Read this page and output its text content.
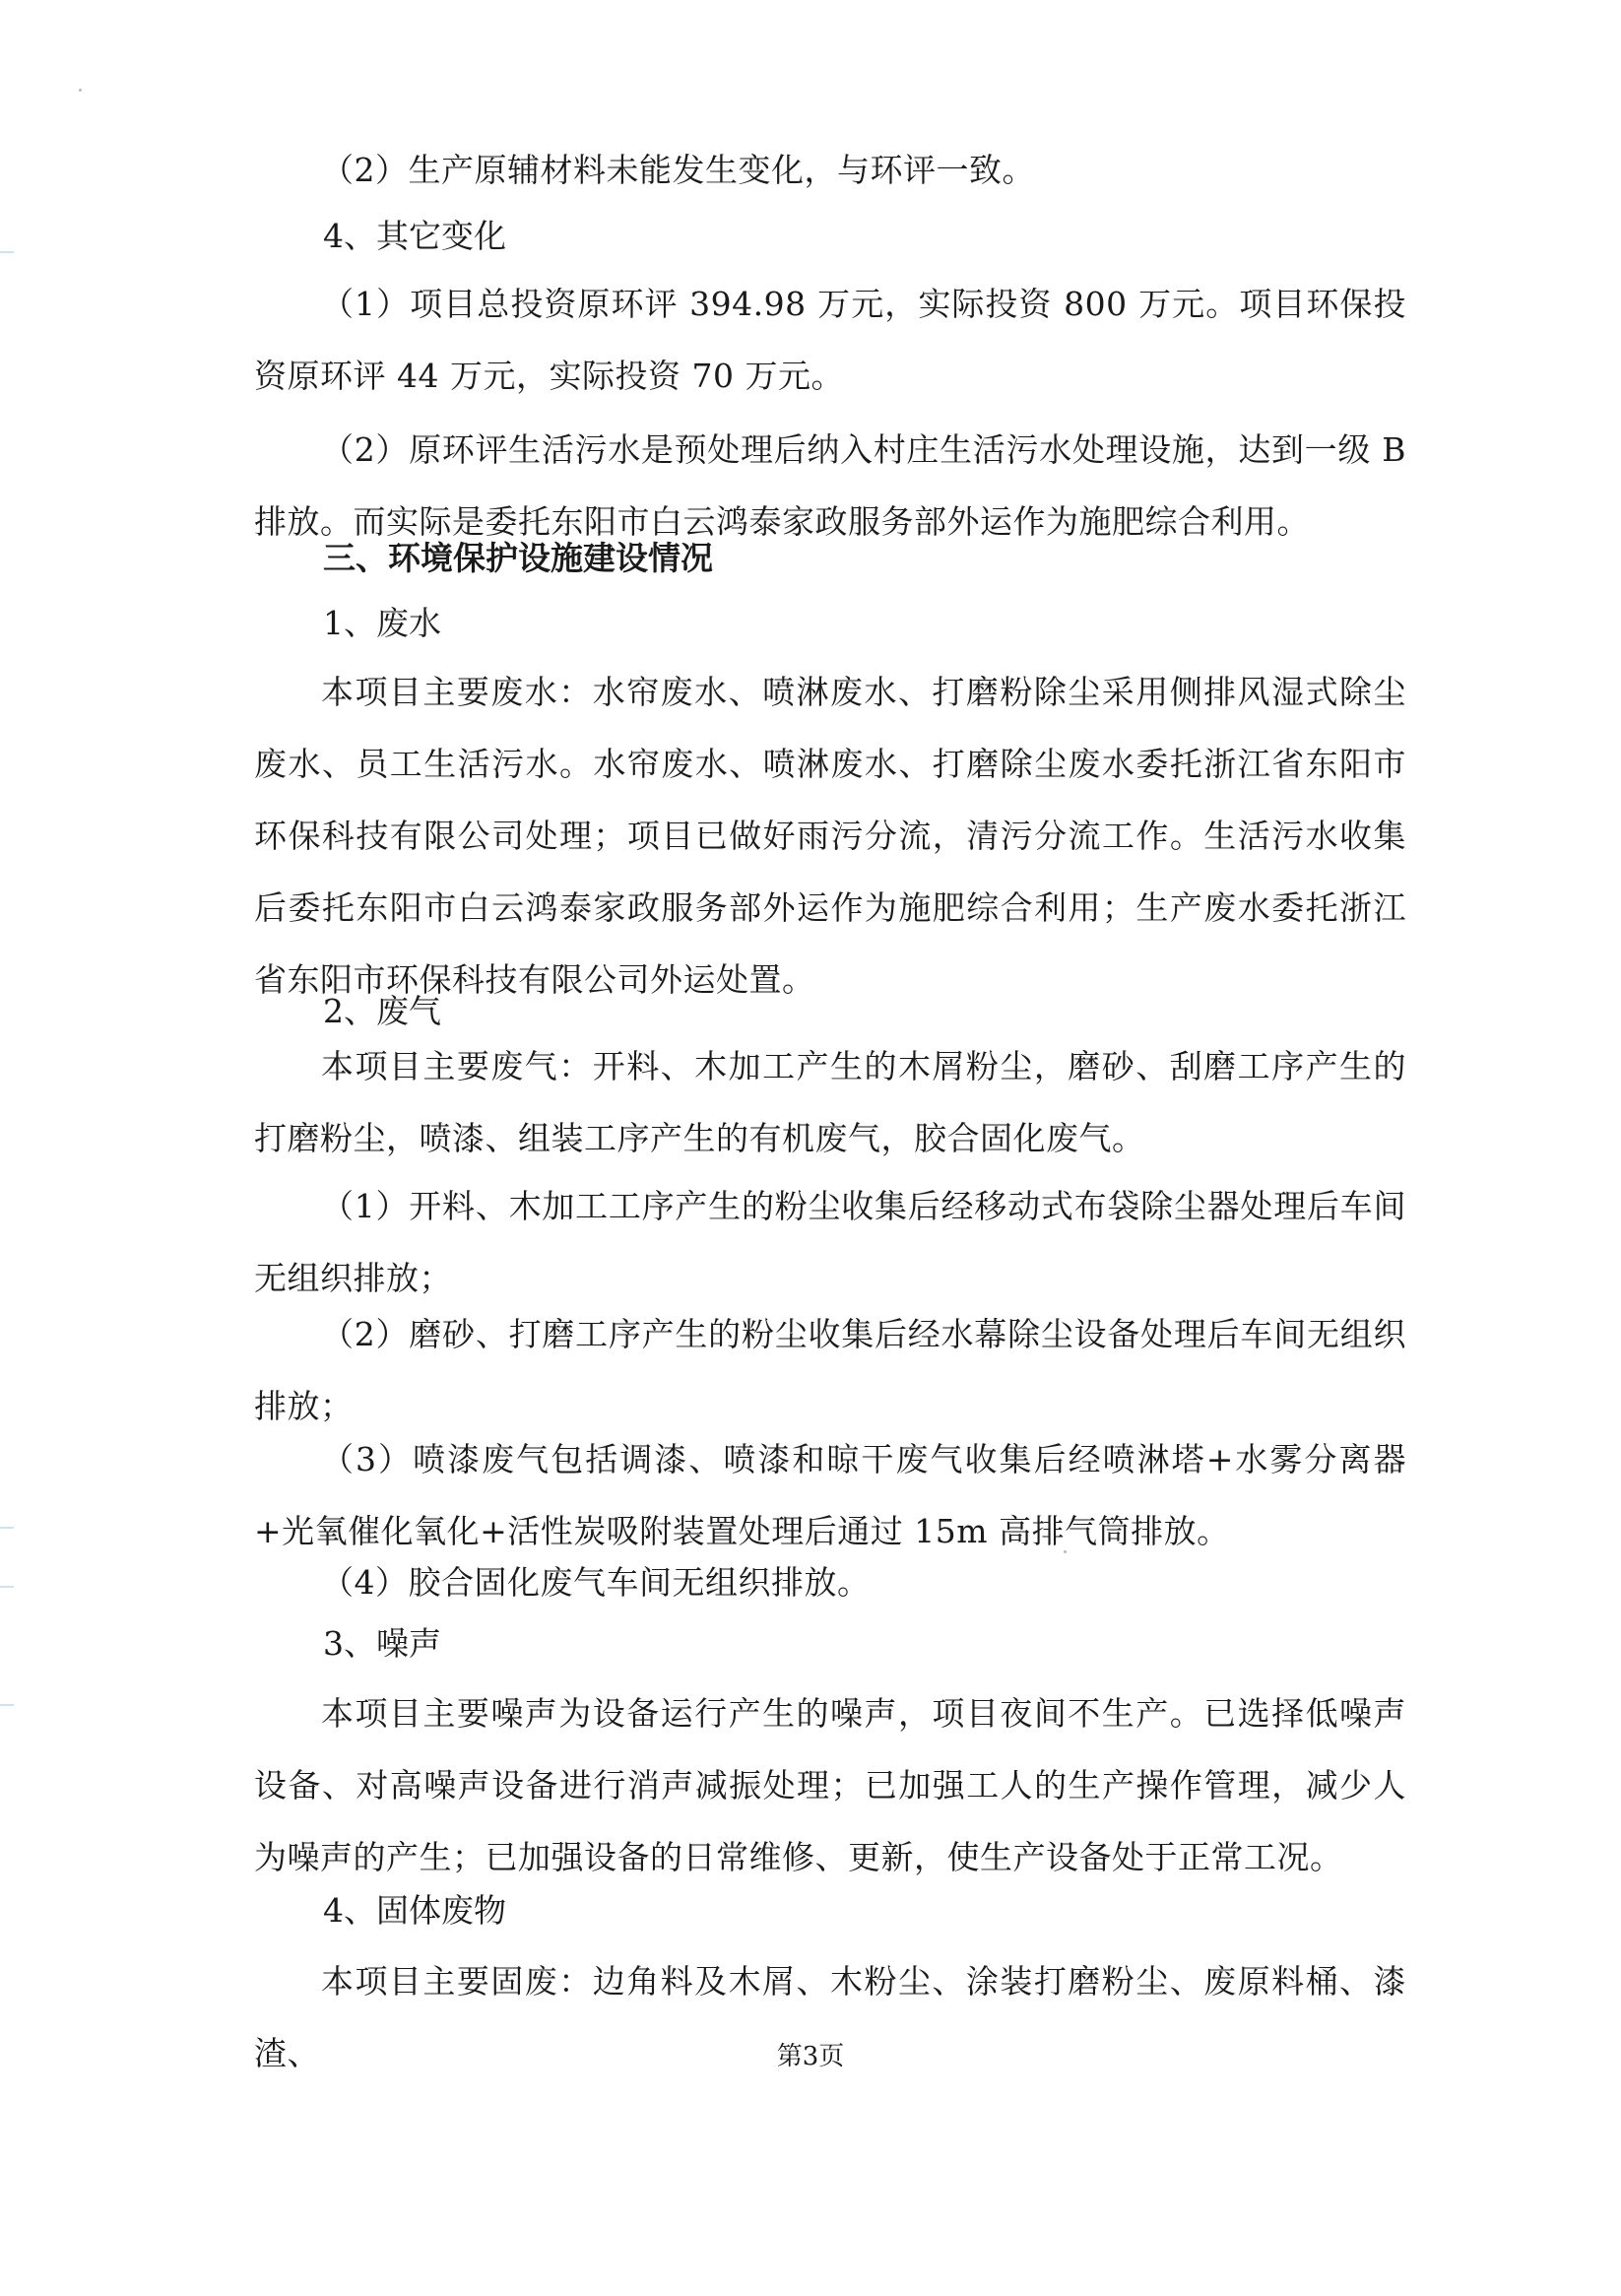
（2）生产原辅材料未能发生变化，与环评一致。
4、其它变化
（1）项目总投资原环评 394.98 万元，实际投资 800 万元。项目环保投资原环评 44 万元，实际投资 70 万元。
（2）原环评生活污水是预处理后纳入村庄生活污水处理设施，达到一级 B 排放。而实际是委托东阳市白云鸿泰家政服务部外运作为施肥综合利用。
三、环境保护设施建设情况
1、废水
本项目主要废水：水帘废水、喷淋废水、打磨粉除尘采用侧排风湿式除尘废水、员工生活污水。水帘废水、喷淋废水、打磨除尘废水委托浙江省东阳市环保科技有限公司处理；项目已做好雨污分流，清污分流工作。生活污水收集后委托东阳市白云鸿泰家政服务部外运作为施肥综合利用；生产废水委托浙江省东阳市环保科技有限公司外运处置。
2、废气
本项目主要废气：开料、木加工产生的木屑粉尘，磨砂、刮磨工序产生的打磨粉尘，喷漆、组装工序产生的有机废气，胶合固化废气。
（1）开料、木加工工序产生的粉尘收集后经移动式布袋除尘器处理后车间无组织排放；
（2）磨砂、打磨工序产生的粉尘收集后经水幕除尘设备处理后车间无组织排放；
（3）喷漆废气包括调漆、喷漆和晾干废气收集后经喷淋塔+水雾分离器+光氧催化氧化+活性炭吸附装置处理后通过 15m 高排气筒排放。
（4）胶合固化废气车间无组织排放。
3、噪声
本项目主要噪声为设备运行产生的噪声，项目夜间不生产。已选择低噪声设备、对高噪声设备进行消声减振处理；已加强工人的生产操作管理，减少人为噪声的产生；已加强设备的日常维修、更新，使生产设备处于正常工况。
4、固体废物
本项目主要固废：边角料及木屑、木粉尘、涂装打磨粉尘、废原料桶、漆渣、	第3页
